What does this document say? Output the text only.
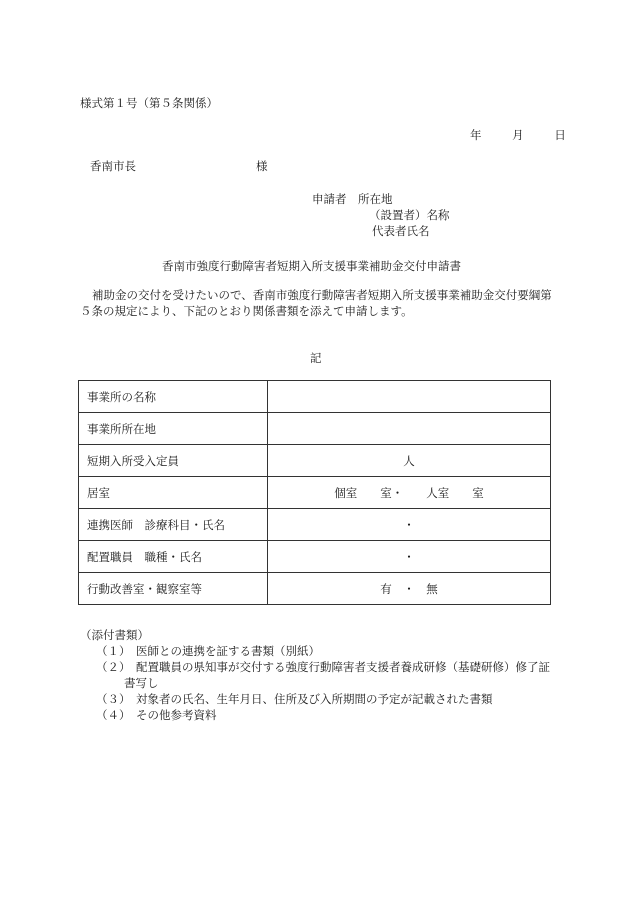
様式第１号（第５条関係）
年	月	日
香南市長	様
申請者 所在地
（設置者）名称
代表者氏名
香南市強度行動障害者短期入所支援事業補助金交付申請書
補助金の交付を受けたいので、香南市強度行動障害者短期入所支援事業補助金交付要綱第５条の規定により、下記のとおり関係書類を添えて申請します。
記
事業所の名称	
事業所所在地	
短期入所受入定員	人
居室	個室　　室・　　人室　　室
連携医師　診療科目・氏名	・
配置職員　職種・氏名	・
行動改善室・観察室等	有　・　無
（添付書類）
（１） 医師との連携を証する書類（別紙）
（２） 配置職員の県知事が交付する強度行動障害者支援者養成研修（基礎研修）修了証
書写し
（３） 対象者の氏名、生年月日、住所及び入所期間の予定が記載された書類
（４） その他参考資料
